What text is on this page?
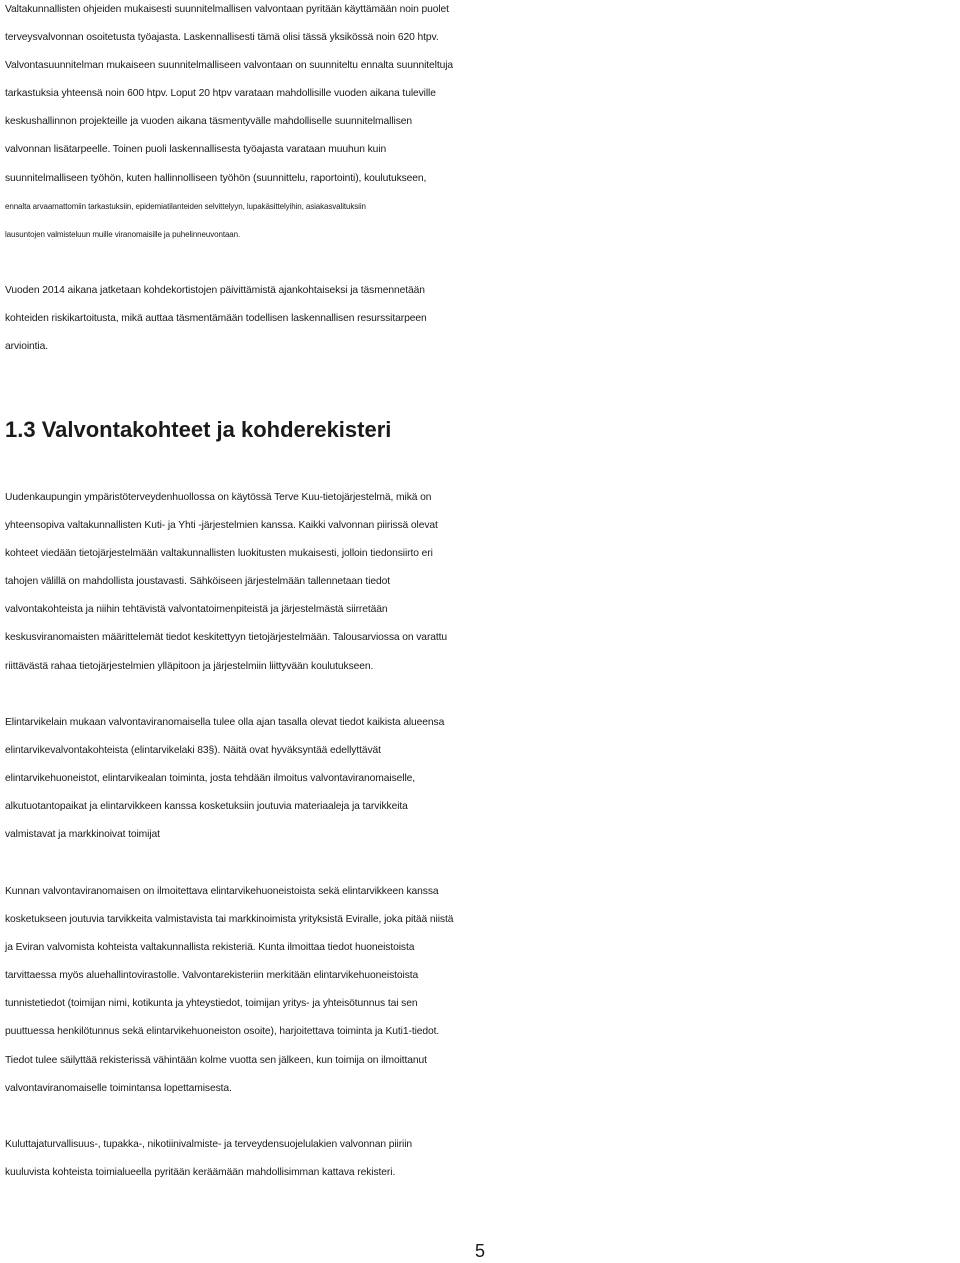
Valtakunnallisten ohjeiden mukaisesti suunnitelmallisen valvontaan pyritään käyttämään noin puolet
terveysvalvonnan osoitetusta työajasta. Laskennallisesti tämä olisi tässä yksikössä noin 620 htpv.
Valvontasuunnitelman mukaiseen suunnitelmalliseen valvontaan on suunniteltu ennalta suunniteltuja
tarkastuksia yhteensä noin 600 htpv. Loput 20 htpv varataan mahdollisille vuoden aikana tuleville
keskushallinnon projekteille ja vuoden aikana täsmentyvälle mahdolliselle suunnitelmallisen
valvonnan lisätarpeelle. Toinen puoli laskennallisesta työajasta varataan muuhun kuin
suunnitelmalliseen työhön, kuten hallinnolliseen työhön (suunnittelu, raportointi), koulutukseen,
ennalta arvaamattomiin tarkastuksiin, epidemiatilanteiden selvittelyyn, lupakäsittelyihin, asiakasvalituksiin
lausuntojen valmisteluun muille viranomaisille ja puhelinneuvontaan.

Vuoden 2014 aikana jatketaan kohdekortistojen päivittämistä ajankohtaiseksi ja täsmennetään
kohteiden riskikartoitusta, mikä auttaa täsmentämään todellisen laskennallisen resurssitarpeen
arviointia.

1.3 Valvontakohteet ja kohderekisteri

Uudenkaupungin ympäristöterveydenhuollossa on käytössä Terve Kuu-tietojärjestelmä, mikä on
yhteensopiva valtakunnallisten Kuti- ja Yhti -järjestelmien kanssa. Kaikki valvonnan piirissä olevat
kohteet viedään tietojärjestelmään valtakunnallisten luokitusten mukaisesti, jolloin tiedonsiirto eri
tahojen välillä on mahdollista joustavasti. Sähköiseen järjestelmään tallennetaan tiedot
valvontakohteista ja niihin tehtävistä valvontatoimenpiteistä ja järjestelmästä siirretään
keskusviranomaisten määrittelemät tiedot keskitettyyn tietojärjestelmään. Talousarviossa on varattu
riittävästä rahaa tietojärjestelmien ylläpitoon ja järjestelmiin liittyvään koulutukseen.

Elintarvikelain mukaan valvontaviranomaisella tulee olla ajan tasalla olevat tiedot kaikista alueensa
elintarvikevalvontakohteista (elintarvikelaki 83§). Näitä ovat hyväksyntää edellyttävät
elintarvikehuoneistot, elintarvikealan toiminta, josta tehdään ilmoitus valvontaviranomaiselle,
alkutuotantopaikat ja elintarvikkeen kanssa kosketuksiin joutuvia materiaaleja ja tarvikkeita
valmistavat ja markkinoivat toimijat

Kunnan valvontaviranomaisen on ilmoitettava elintarvikehuoneistoista sekä elintarvikkeen kanssa
kosketukseen joutuvia tarvikkeita valmistavista tai markkinoimista yrityksistä Eviralle, joka pitää niistä
ja Eviran valvomista kohteista valtakunnallista rekisteriä. Kunta ilmoittaa tiedot huoneistoista
tarvittaessa myös aluehallintovirastolle. Valvontarekisteriin merkitään elintarvikehuoneistoista
tunnistetiedot (toimijan nimi, kotikunta ja yhteystiedot, toimijan yritys- ja yhteisötunnus tai sen
puuttuessa henkilötunnus sekä elintarvikehuoneiston osoite), harjoitettava toiminta ja Kuti1-tiedot.
Tiedot tulee säilyttää rekisterissä vähintään kolme vuotta sen jälkeen, kun toimija on ilmoittanut
valvontaviranomaiselle toimintansa lopettamisesta.

Kuluttajaturvallisuus-, tupakka-, nikotiinivalmiste- ja terveydensuojelulakien valvonnan piiriin
kuuluvista kohteista toimialueella pyritään keräämään mahdollisimman kattava rekisteri.

5
